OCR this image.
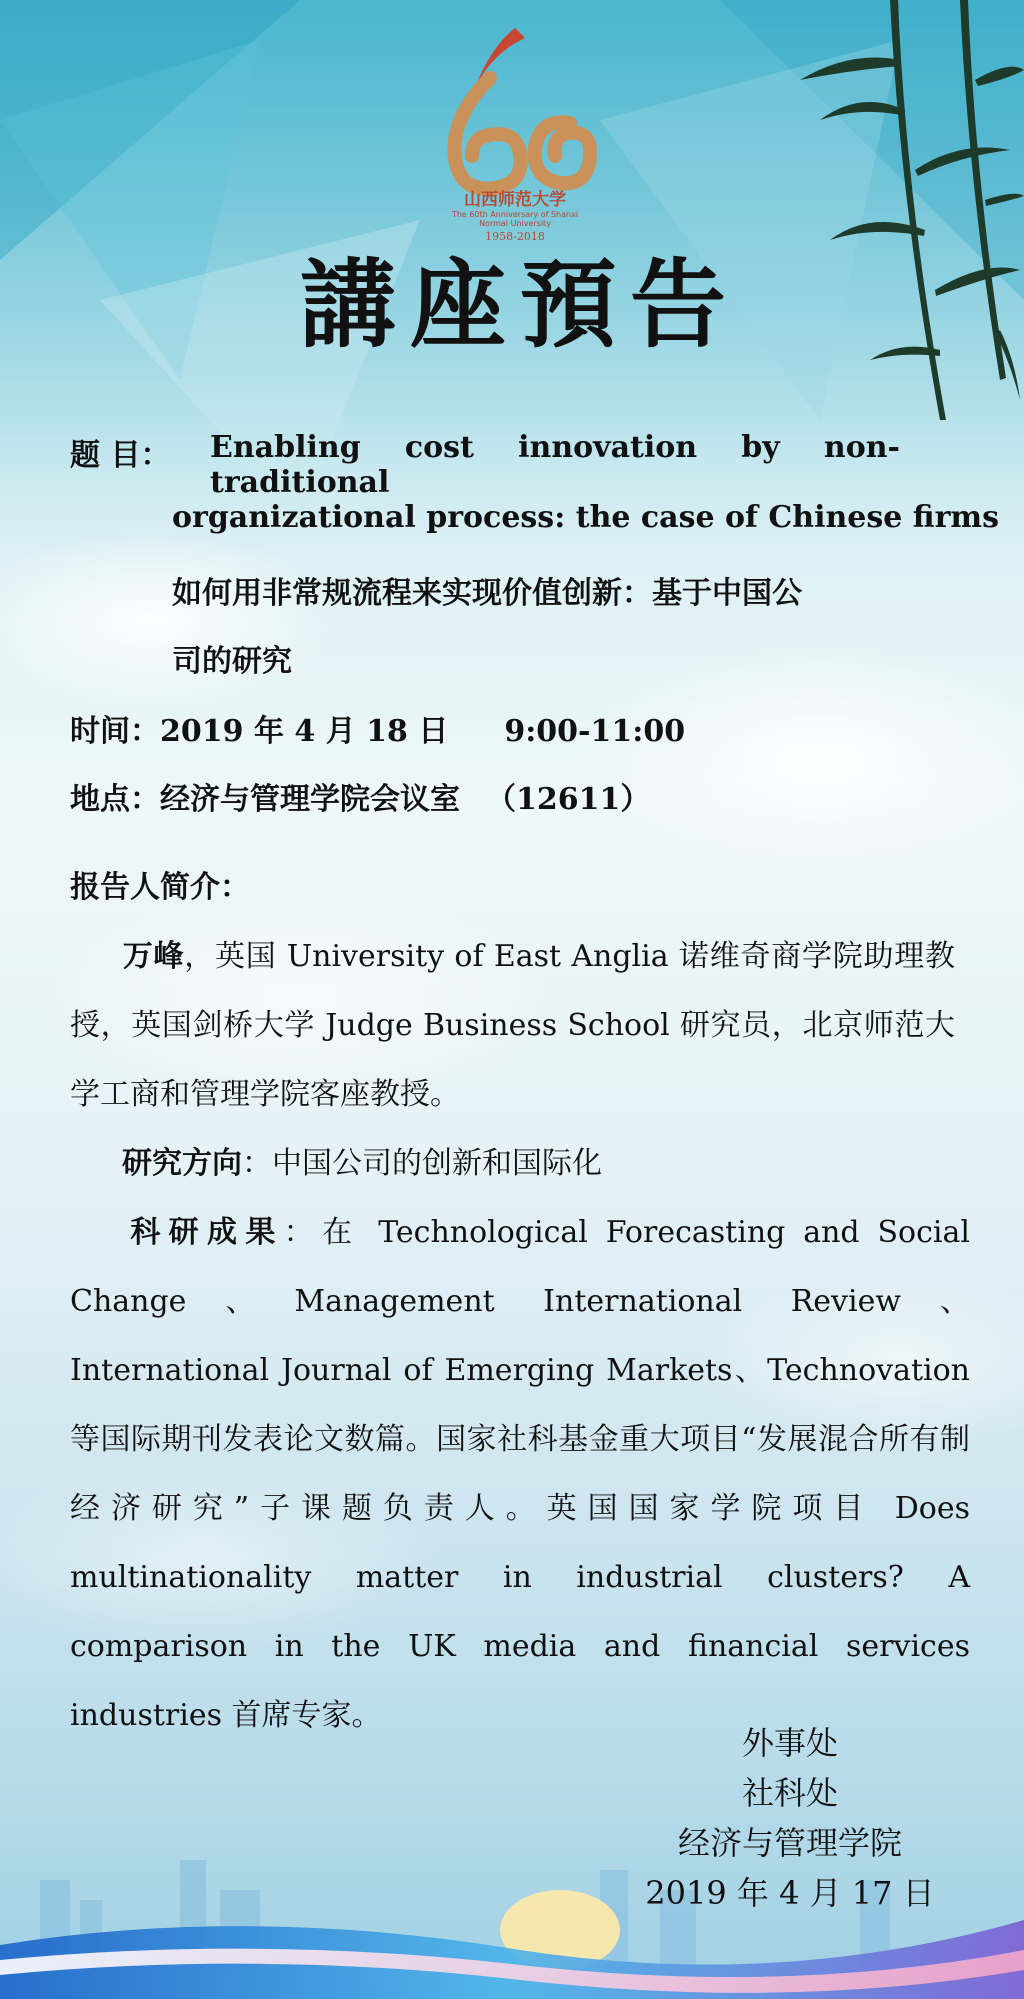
山西师范大学
The 60th Anniversary of Shanxi Normal University
1958-2018
講座預告
题 目： Enabling cost innovation by non-traditional
organizational process: the case of Chinese firms
如何用非常规流程来实现价值创新：基于中国公
司的研究
时间：2019 年 4 月 18 日 9:00-11:00
地点：经济与管理学院会议室 （12611）
报告人简介：
万峰，英国 University of East Anglia 诺维奇商学院助理教授，英国剑桥大学 Judge Business School 研究员，北京师范大学工商和管理学院客座教授。
研究方向：中国公司的创新和国际化
科研成果：在 Technological Forecasting and Social Change、Management International Review、International Journal of Emerging Markets、Technovation 等国际期刊发表论文数篇。国家社科基金重大项目“发展混合所有制经济研究”子课题负责人。英国国家学院项目 Does multinationality matter in industrial clusters? A comparison in the UK media and financial services industries 首席专家。
外事处
社科处
经济与管理学院
2019 年 4 月 17 日
